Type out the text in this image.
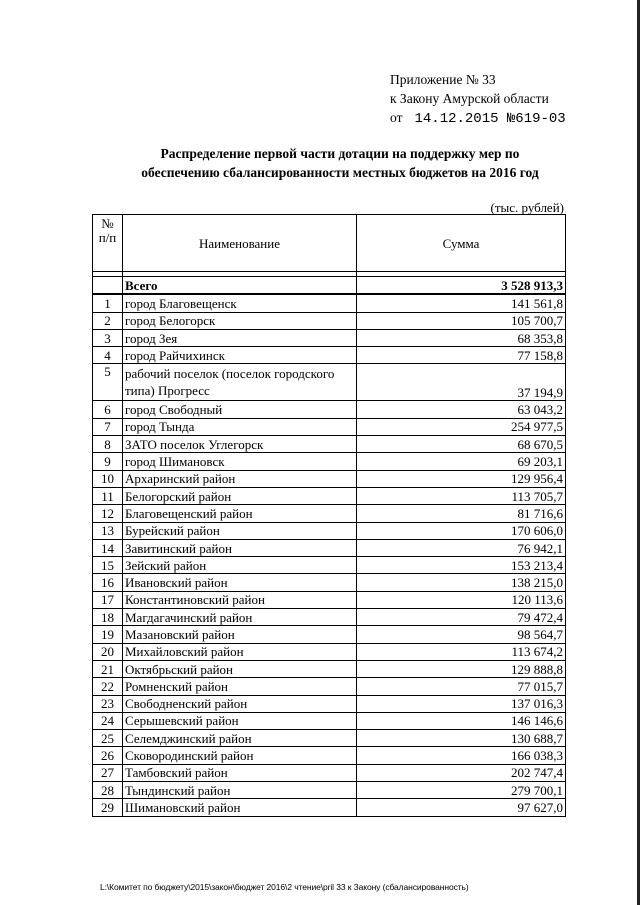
Приложение № 33
к Закону Амурской области
от 14.12.2015 №619-03
Распределение первой части дотации на поддержку мер по
обеспечению сбалансированности местных бюджетов на 2016 год
(тыс. рублей)
№ п/п	Наименование	Сумма

	Всего	3 528 913,3
1	город Благовещенск	141 561,8
2	город Белогорск	105 700,7
3	город Зея	68 353,8
4	город Райчихинск	77 158,8
5	рабочий поселок (поселок городского типа) Прогресс	37 194,9
6	город Свободный	63 043,2
7	город Тында	254 977,5
8	ЗАТО поселок Углегорск	68 670,5
9	город Шимановск	69 203,1
10	Архаринский район	129 956,4
11	Белогорский район	113 705,7
12	Благовещенский район	81 716,6
13	Бурейский район	170 606,0
14	Завитинский район	76 942,1
15	Зейский район	153 213,4
16	Ивановский район	138 215,0
17	Константиновский район	120 113,6
18	Магдагачинский район	79 472,4
19	Мазановский район	98 564,7
20	Михайловский район	113 674,2
21	Октябрьский район	129 888,8
22	Ромненский район	77 015,7
23	Свободненский район	137 016,3
24	Серышевский район	146 146,6
25	Селемджинский район	130 688,7
26	Сковородинский район	166 038,3
27	Тамбовский район	202 747,4
28	Тындинский район	279 700,1
29	Шимановский район	97 627,0
L:\Комитет по бюджету\2015\закон\бюджет 2016\2 чтение\pril 33 к Закону (сбалансированность)
